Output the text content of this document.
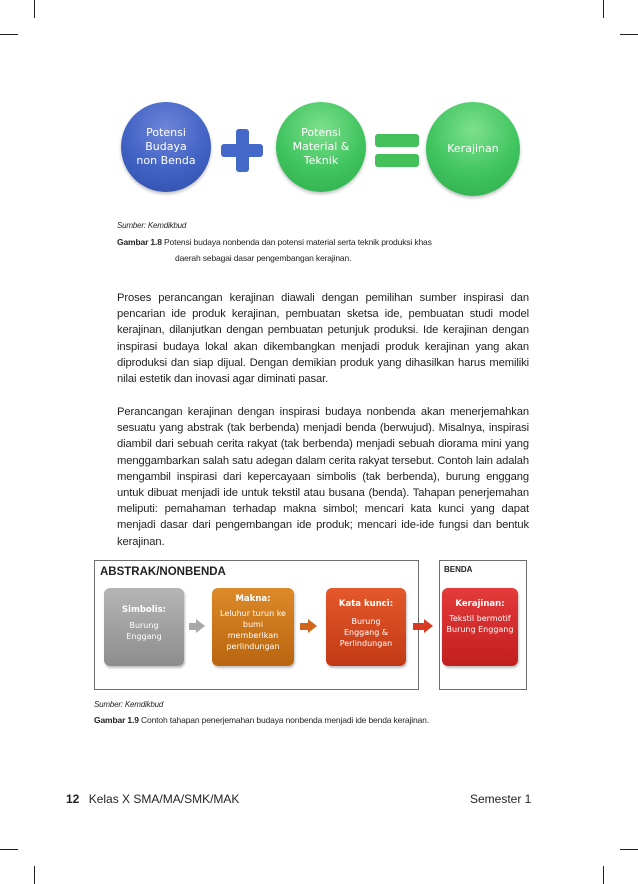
Potensi Budaya non Benda
Potensi Material & Teknik
Kerajinan
Sumber: Kemdikbud
Gambar 1.8 Potensi budaya nonbenda dan potensi material serta teknik produksi khas
daerah sebagai dasar pengembangan kerajinan.
Proses perancangan kerajinan diawali dengan pemilihan sumber inspirasi dan pencarian ide produk kerajinan, pembuatan sketsa ide, pembuatan studi model kerajinan, dilanjutkan dengan pembuatan petunjuk produksi. Ide kerajinan dengan inspirasi budaya lokal akan dikembangkan menjadi produk kerajinan yang akan diproduksi dan siap dijual. Dengan demikian produk yang dihasilkan harus memiliki nilai estetik dan inovasi agar diminati pasar.
Perancangan kerajinan dengan inspirasi budaya nonbenda akan menerjemahkan sesuatu yang abstrak (tak berbenda) menjadi benda (berwujud). Misalnya, inspirasi diambil dari sebuah cerita rakyat (tak berbenda) menjadi sebuah diorama mini yang menggambarkan salah satu adegan dalam cerita rakyat tersebut. Contoh lain adalah mengambil inspirasi dari kepercayaan simbolis (tak berbenda), burung enggang untuk dibuat menjadi ide untuk tekstil atau busana (benda). Tahapan penerjemahan meliputi: pemahaman terhadap makna simbol; mencari kata kunci yang dapat menjadi dasar dari pengembangan ide produk; mencari ide-ide fungsi dan bentuk kerajinan.
ABSTRAK/NONBENDA	BENDA
Simbolis:
Burung Enggang
Makna:
Leluhur turun ke bumi memberikan perlindungan
Kata kunci:
Burung Enggang & Perlindungan
Kerajinan:
Tekstil bermotif Burung Enggang
Sumber: Kemdikbud
Gambar 1.9 Contoh tahapan penerjemahan budaya nonbenda menjadi ide benda kerajinan.
12 Kelas X SMA/MA/SMK/MAK	Semester 1
